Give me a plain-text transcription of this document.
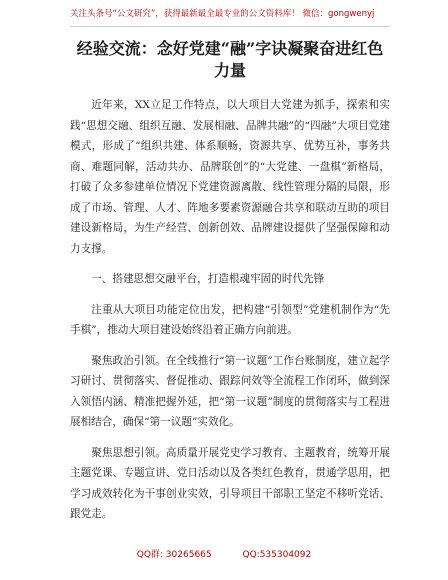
关注头条号“公文研究”，获得最新最全最专业的公文资料库！ 微信：gongwenyj
经验交流：念好党建“融”字诀凝聚奋进红色力量

近年来，XX立足工作特点，以大项目大党建为抓手，探索和实践“思想交融、组织互融、发展相融、品牌共融”的“四融”大项目党建模式，形成了“组织共建、体系顺畅，资源共享、优势互补，事务共商、难题同解，活动共办、品牌联创”的“大党建、一盘棋”新格局，打破了众多参建单位情况下党建资源离散、线性管理分隔的局限，形成了市场、管理、人才、阵地多要素资源融合共享和联动互助的项目建设新格局，为生产经营、创新创效、品牌建设提供了坚强保障和动力支撑。

一、搭建思想交融平台，打造根魂牢固的时代先锋

注重从大项目功能定位出发，把构建“引领型”党建机制作为“先手棋”，推动大项目建设始终沿着正确方向前进。

聚焦政治引领。在全线推行“第一议题”工作台账制度，建立起学习研讨、贯彻落实、督促推动、跟踪问效等全流程工作闭环，做到深入领悟内涵、精准把握外延，把“第一议题”制度的贯彻落实与工程进展相结合，确保“第一议题”实效化。

聚焦思想引领。高质量开展党史学习教育、主题教育，统筹开展主题党课、专题宣讲、党日活动以及各类红色教育，贯通学思用，把学习成效转化为干事创业实效，引导项目干部职工坚定不移听党话、跟党走。

QQ群: 30265665	QQ:535304092
